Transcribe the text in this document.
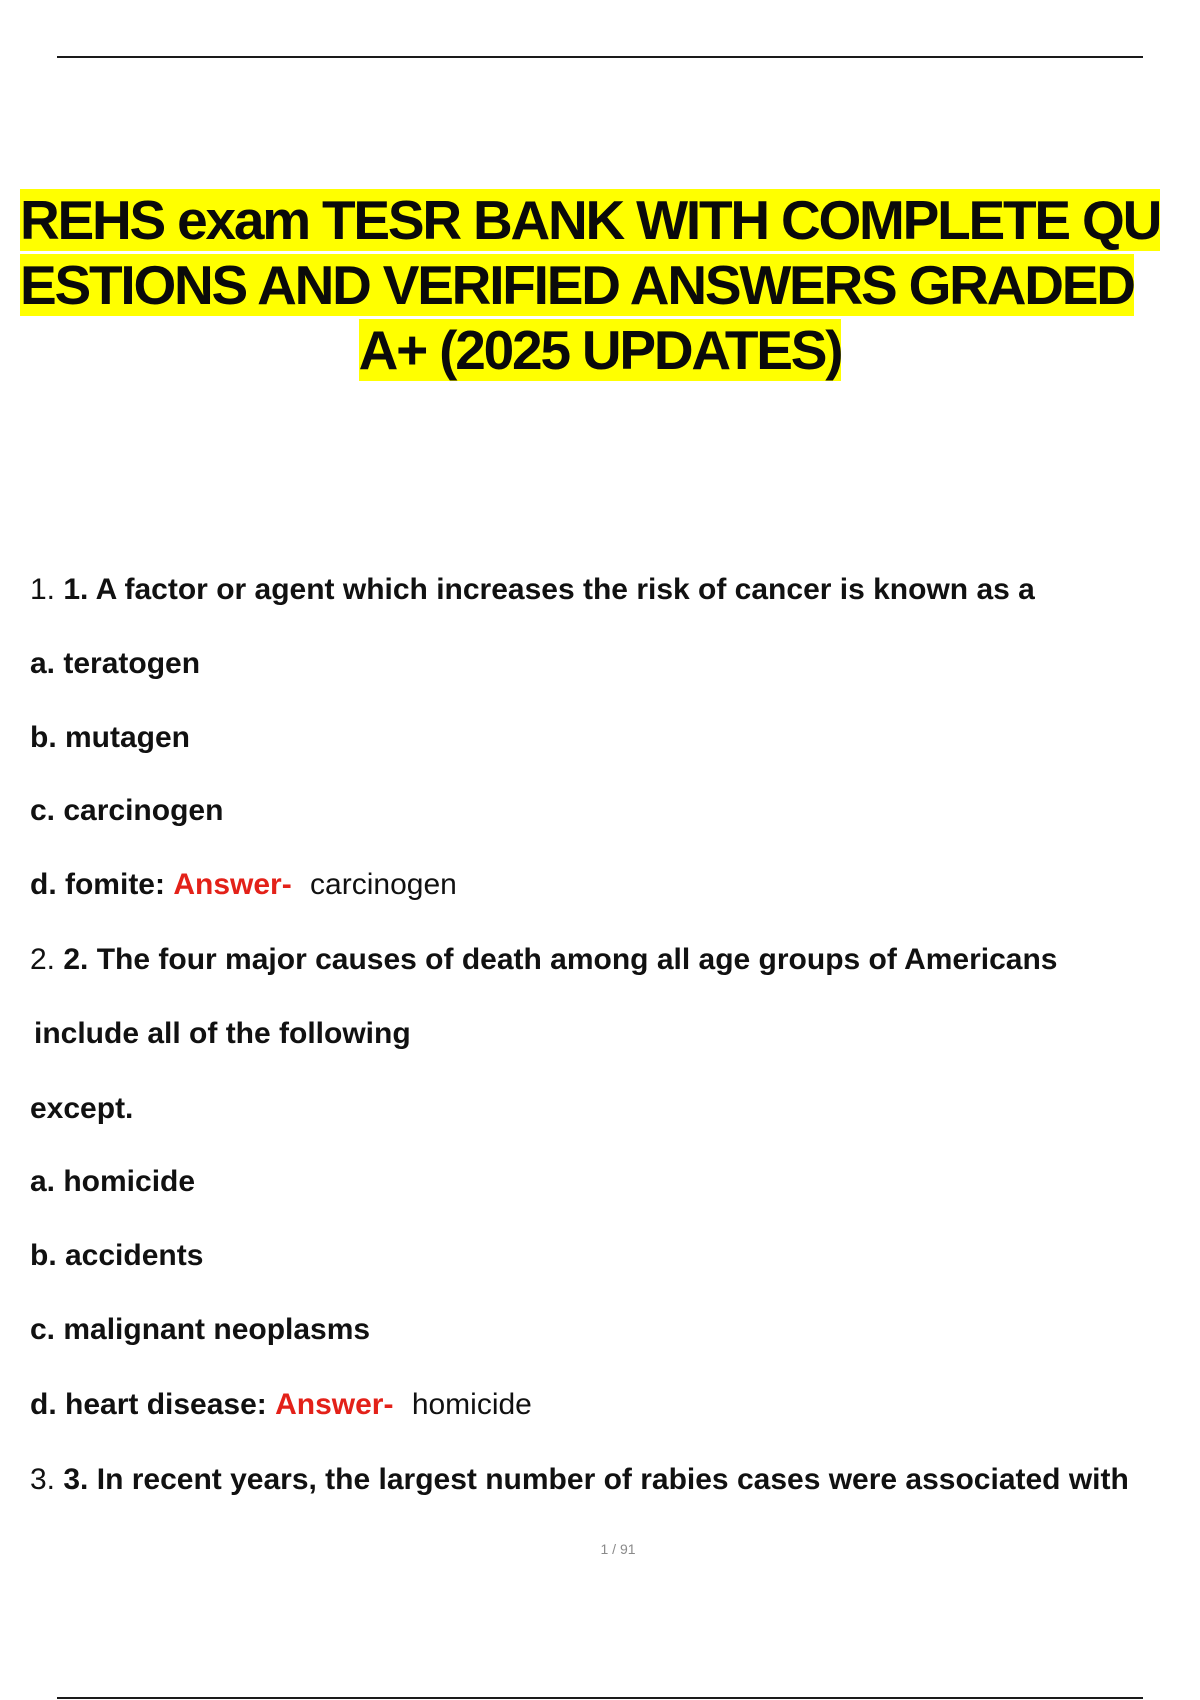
REHS exam TESR BANK WITH COMPLETE QU
ESTIONS AND VERIFIED ANSWERS GRADED
A+ (2025 UPDATES)
1. 1. A factor or agent which increases the risk of cancer is known as a
a. teratogen
b. mutagen
c. carcinogen
d. fomite: Answer- carcinogen
2. 2. The four major causes of death among all age groups of Americans
include all of the following
except.
a. homicide
b. accidents
c. malignant neoplasms
d. heart disease: Answer- homicide
3. 3. In recent years, the largest number of rabies cases were associated with
1 / 91
